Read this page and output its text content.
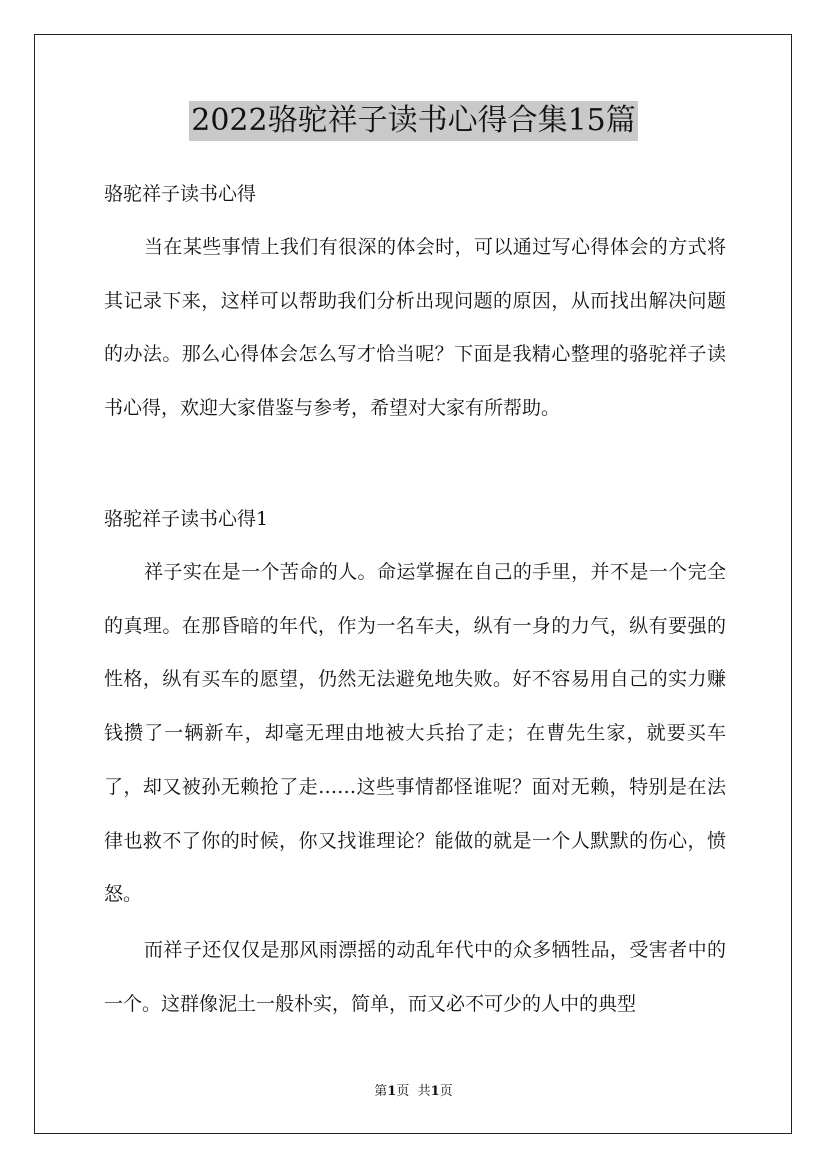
2022骆驼祥子读书心得合集15篇
骆驼祥子读书心得
当在某些事情上我们有很深的体会时，可以通过写心得体会的方式将其记录下来，这样可以帮助我们分析出现问题的原因，从而找出解决问题的办法。那么心得体会怎么写才恰当呢？下面是我精心整理的骆驼祥子读书心得，欢迎大家借鉴与参考，希望对大家有所帮助。
骆驼祥子读书心得1
祥子实在是一个苦命的人。命运掌握在自己的手里，并不是一个完全的真理。在那昏暗的年代，作为一名车夫，纵有一身的力气，纵有要强的性格，纵有买车的愿望，仍然无法避免地失败。好不容易用自己的实力赚钱攒了一辆新车，却毫无理由地被大兵抬了走；在曹先生家，就要买车了，却又被孙无赖抢了走……这些事情都怪谁呢？面对无赖，特别是在法律也救不了你的时候，你又找谁理论？能做的就是一个人默默的伤心，愤怒。
而祥子还仅仅是那风雨漂摇的动乱年代中的众多牺牲品，受害者中的一个。这群像泥土一般朴实，简单，而又必不可少的人中的典型
第1页 共1页
